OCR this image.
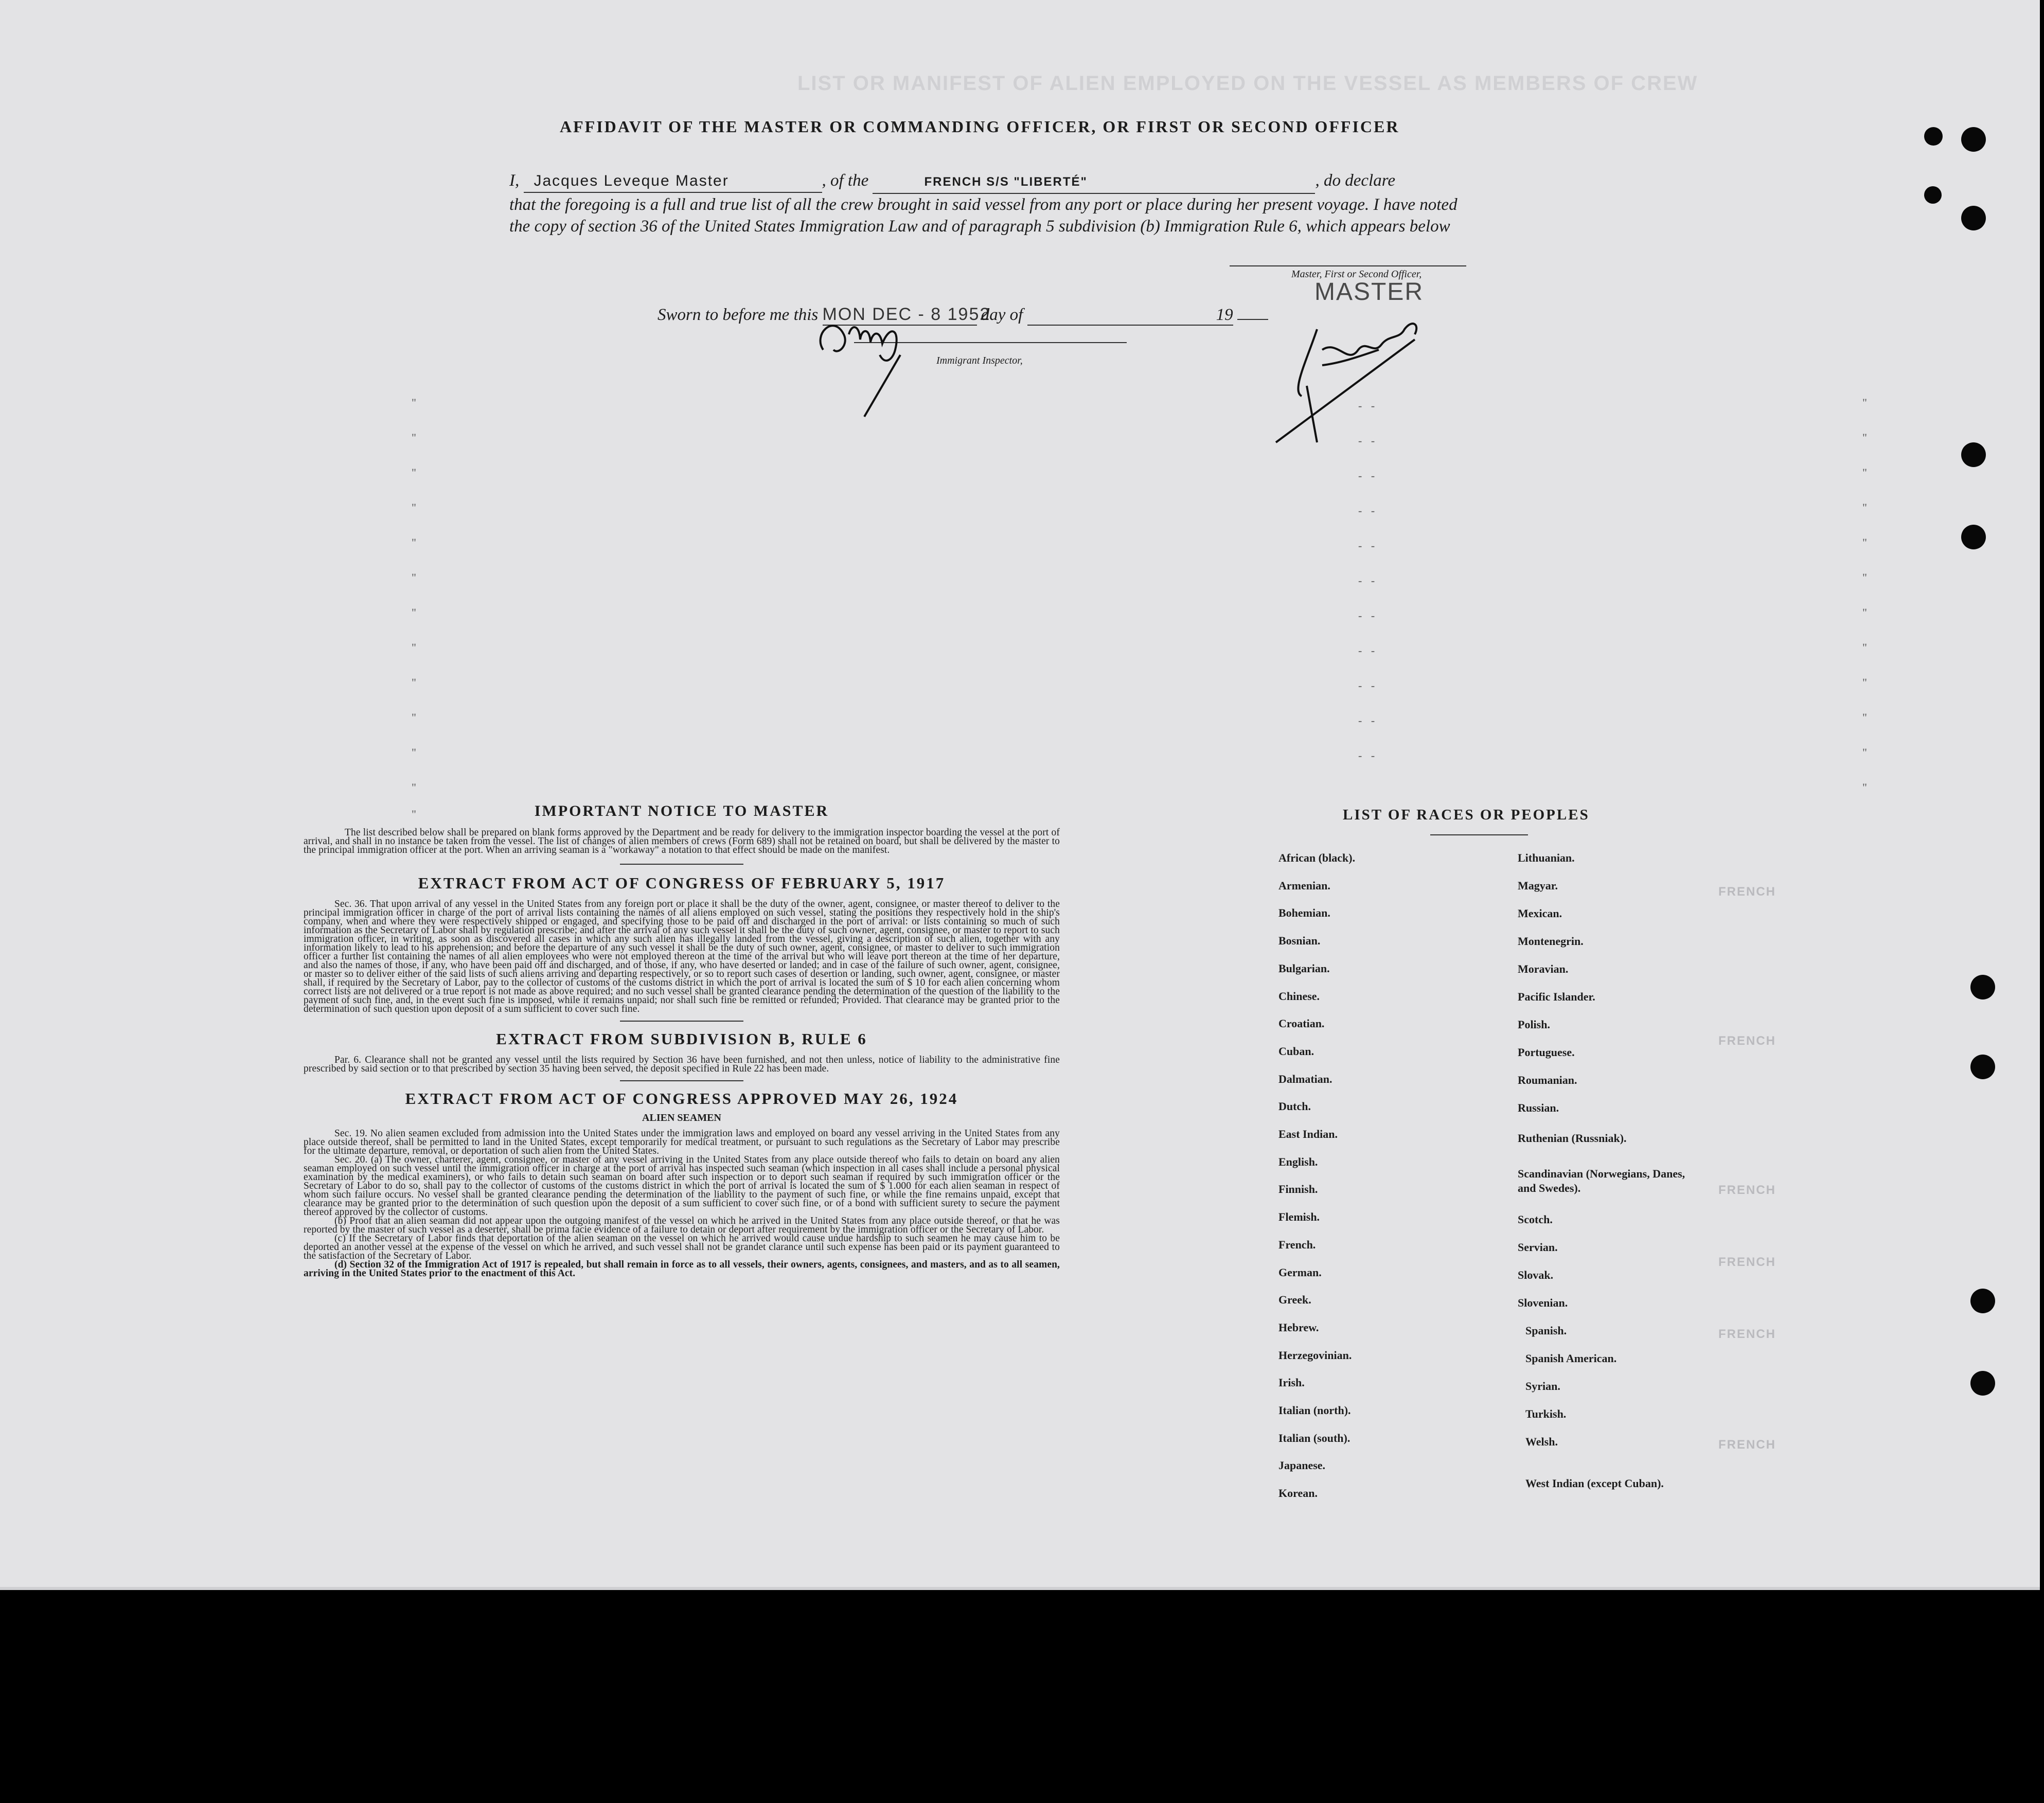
LIST OR MANIFEST OF ALIEN EMPLOYED ON THE VESSEL AS MEMBERS OF CREW
FRENCH
FRENCH
FRENCH
FRENCH
FRENCH
FRENCH
AFFIDAVIT OF THE MASTER OR COMMANDING OFFICER, OR FIRST OR SECOND OFFICER
I, Jacques Leveque Master	, of the	FRENCH S/S "LIBERTÉ"	, do declare
that the foregoing is a full and true list of all the crew brought in said vessel from any port or place during her present voyage. I have noted the copy of section 36 of the United States Immigration Law and of paragraph 5 subdivision (b) Immigration Rule 6, which appears below
Master, First or Second Officer,
MASTER
Sworn to before me this MON DEC - 8 1952 day of	19
Immigrant Inspector,
"
"
"
"
"
"
"
"
"
"
"
"
"
- -
- -
- -
- -
- -
- -
- -
- -
- -
- -
- -
"
"
"
"
"
"
"
"
"
"
"
"
IMPORTANT NOTICE TO MASTER
The list described below shall be prepared on blank forms approved by the Department and be ready for delivery to the immigration inspector boarding the vessel at the port of arrival, and shall in no instance be taken from the vessel. The list of changes of alien members of crews (Form 689) shall not be retained on board, but shall be delivered by the master to the principal immigration officer at the port. When an arriving seaman is a "workaway" a notation to that effect should be made on the manifest.
EXTRACT FROM ACT OF CONGRESS OF FEBRUARY 5, 1917
Sec. 36. That upon arrival of any vessel in the United States from any foreign port or place it shall be the duty of the owner, agent, consignee, or master thereof to deliver to the principal immigration officer in charge of the port of arrival lists containing the names of all aliens employed on such vessel, stating the positions they respectively hold in the ship's company, when and where they were respectively shipped or engaged, and specifying those to be paid off and discharged in the port of arrival: or lists containing so much of such information as the Secretary of Labor shall by regulation prescribe; and after the arrival of any such vessel it shall be the duty of such owner, agent, consignee, or master to report to such immigration officer, in writing, as soon as discovered all cases in which any such alien has illegally landed from the vessel, giving a description of such alien, together with any information likely to lead to his apprehension; and before the departure of any such vessel it shall be the duty of such owner, agent, consignee, or master to deliver to such immigration officer a further list containing the names of all alien employees who were not employed thereon at the time of the arrival but who will leave port thereon at the time of her departure, and also the names of those, if any, who have been paid off and discharged, and of those, if any, who have deserted or landed; and in case of the failure of such owner, agent, consignee, or master so to deliver either of the said lists of such aliens arriving and departing respectively, or so to report such cases of desertion or landing, such owner, agent, consignee, or master shall, if required by the Secretary of Labor, pay to the collector of customs of the customs district in which the port of arrival is located the sum of $ 10 for each alien concerning whom correct lists are not delivered or a true report is not made as above required; and no such vessel shall be granted clearance pending the determination of the question of the liability to the payment of such fine, and, in the event such fine is imposed, while it remains unpaid; nor shall such fine be remitted or refunded; Provided. That clearance may be granted prior to the determination of such question upon deposit of a sum sufficient to cover such fine.
EXTRACT FROM SUBDIVISION B, RULE 6
Par. 6. Clearance shall not be granted any vessel until the lists required by Section 36 have been furnished, and not then unless, notice of liability to the administrative fine prescribed by said section or to that prescribed by section 35 having been served, the deposit specified in Rule 22 has been made.
EXTRACT FROM ACT OF CONGRESS APPROVED MAY 26, 1924
ALIEN SEAMEN
Sec. 19. No alien seamen excluded from admission into the United States under the immigration laws and employed on board any vessel arriving in the United States from any place outside thereof, shall be permitted to land in the United States, except temporarily for medical treatment, or pursuant to such regulations as the Secretary of Labor may prescribe for the ultimate departure, removal, or deportation of such alien from the United States.
Sec. 20. (a) The owner, charterer, agent, consignee, or master of any vessel arriving in the United States from any place outside thereof who fails to detain on board any alien seaman employed on such vessel until the immigration officer in charge at the port of arrival has inspected such seaman (which inspection in all cases shall include a personal physical examination by the medical examiners), or who fails to detain such seaman on board after such inspection or to deport such seaman if required by such immigration officer or the Secretary of Labor to do so, shall pay to the collector of customs of the customs district in which the port of arrival is located the sum of $ 1.000 for each alien seaman in respect of whom such failure occurs. No vessel shall be granted clearance pending the determination of the liability to the payment of such fine, or while the fine remains unpaid, except that clearance may be granted prior to the determination of such question upon the deposit of a sum sufficient to cover such fine, or of a bond with sufficient surety to secure the payment thereof approved by the collector of customs.
(b) Proof that an alien seaman did not appear upon the outgoing manifest of the vessel on which he arrived in the United States from any place outside thereof, or that he was reported by the master of such vessel as a deserter, shall be prima facie evidence of a failure to detain or deport after requirement by the immigration officer or the Secretary of Labor.
(c) If the Secretary of Labor finds that deportation of the alien seaman on the vessel on which he arrived would cause undue hardship to such seamen he may cause him to be deported an another vessel at the expense of the vessel on which he arrived, and such vessel shall not be grandet clarance until such expense has been paid or its payment guaranteed to the satisfaction of the Secretary of Labor.
(d) Section 32 of the Immigration Act of 1917 is repealed, but shall remain in force as to all vessels, their owners, agents, consignees, and masters, and as to all seamen, arriving in the United States prior to the enactment of this Act.
LIST OF RACES OR PEOPLES
African (black).
Armenian.
Bohemian.
Bosnian.
Bulgarian.
Chinese.
Croatian.
Cuban.
Dalmatian.
Dutch.
East Indian.
English.
Finnish.
Flemish.
French.
German.
Greek.
Hebrew.
Herzegovinian.
Irish.
Italian (north).
Italian (south).
Japanese.
Korean.
Lithuanian.
Magyar.
Mexican.
Montenegrin.
Moravian.
Pacific Islander.
Polish.
Portuguese.
Roumanian.
Russian.
Ruthenian (Russniak).
Scandinavian (Norwegians, Danes, and Swedes).
Scotch.
Servian.
Slovak.
Slovenian.
Spanish.
Spanish American.
Syrian.
Turkish.
Welsh.
West Indian (except Cuban).
